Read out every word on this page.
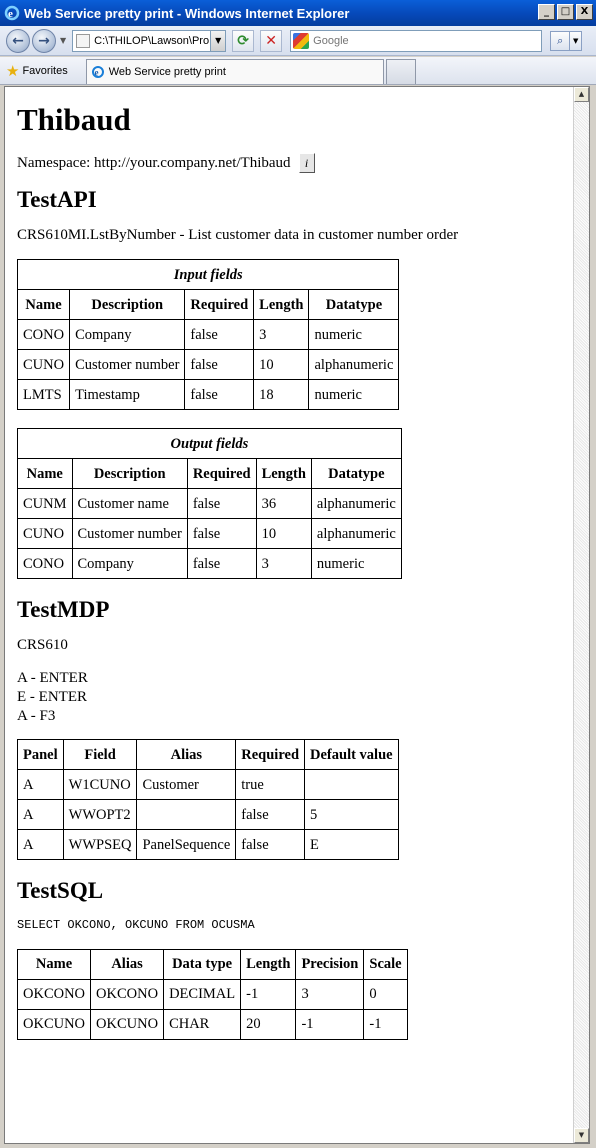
e Web Service pretty print - Windows Internet Explorer	_	□	X
←	→	▼	C:\THILOP\Lawson\Pro ▼	⟳	✕
Google	⌕	▼
★ Favorites	e Web Service pretty print
Thibaud
Namespace: http://your.company.net/Thibaud	i
TestAPI

CRS610MI.LstByNumber - List customer data in customer number order

Input fields				
Name	Description	Required	Length	Datatype
CONO	Company	false	3	numeric
CUNO	Customer number	false	10	alphanumeric
LMTS	Timestamp	false	18	numeric
Output fields				
Name	Description	Required	Length	Datatype
CUNM	Customer name	false	36	alphanumeric
CUNO	Customer number	false	10	alphanumeric
CONO	Company	false	3	numeric
TestMDP

CRS610

A - ENTER

E - ENTER

A - F3

Panel	Field	Alias	Required	Default value
A	W1CUNO	Customer	true	
A	WWOPT2		false	5
A	WWPSEQ	PanelSequence	false	E
TestSQL

SELECT OKCONO, OKCUNO FROM OCUSMA

Name	Alias	Data type	Length	Precision	Scale
OKCONO	OKCONO	DECIMAL	-1	3	0
OKCUNO	OKCUNO	CHAR	20	-1	-1
▲
▼
